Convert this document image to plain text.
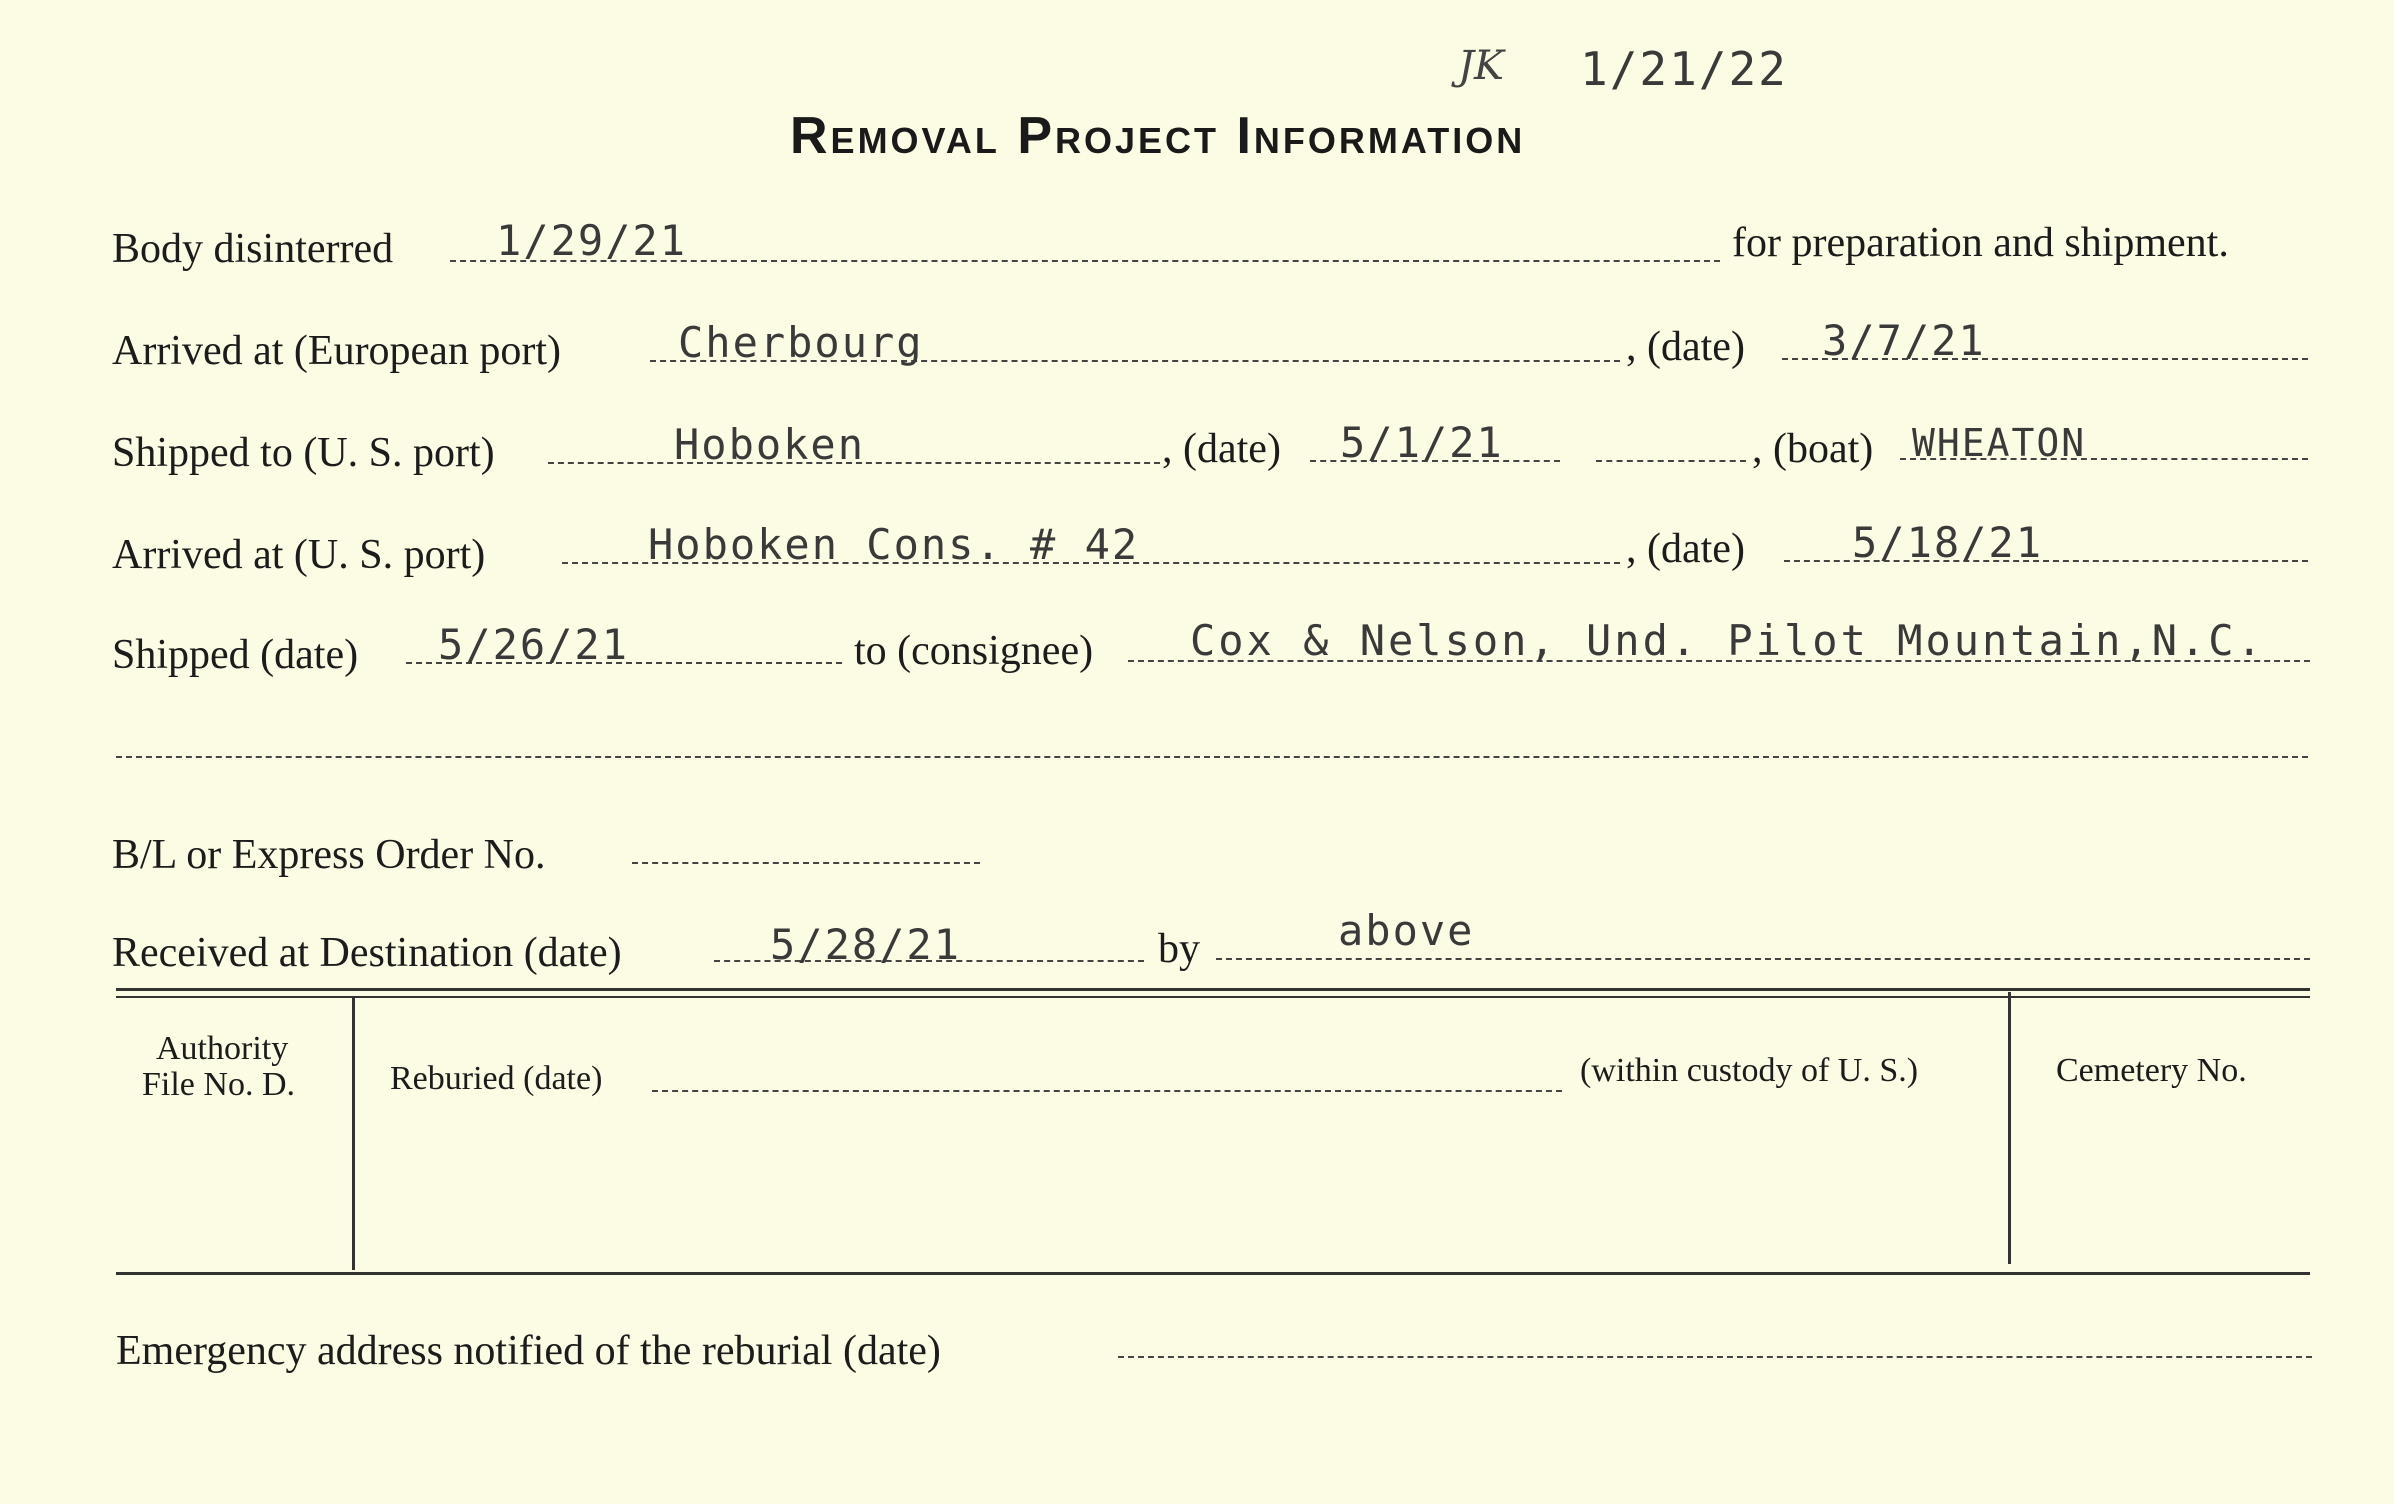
JK 1/21/22
Removal Project Information
Body disinterred 1/29/21	for preparation and shipment.
Arrived at (European port)	Cherbourg	, (date) 3/7/21
Shipped to (U. S. port)	Hoboken	, (date) 5/1/21	, (boat) WHEATON
Arrived at (U. S. port)	Hoboken Cons. # 42	, (date)	5/18/21
Shipped (date) 5/26/21	to (consignee) Cox & Nelson, Und. Pilot Mountain,N.C.
B/L or Express Order No.
Received at Destination (date)	5/28/21	by	above
Authority
File No. D.	Reburied (date)	(within custody of U. S.)	Cemetery No.
Emergency address notified of the reburial (date)
